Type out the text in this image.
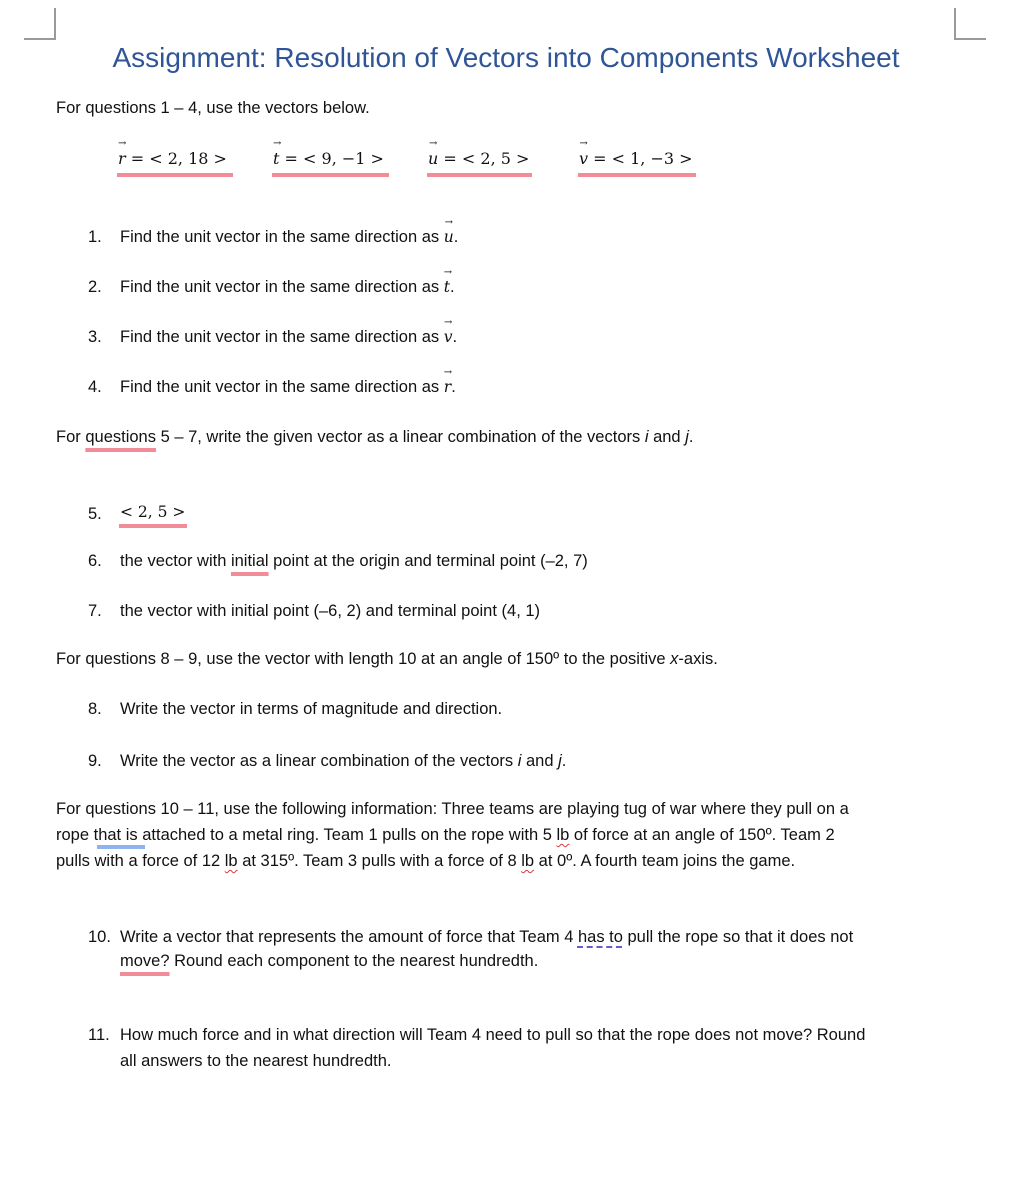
Assignment: Resolution of Vectors into Components Worksheet
For questions 1 – 4, use the vectors below.
→ r = < 2, 18 >	→ t = < 9, −1 >	→ u = < 2, 5 >	→ v = < 1, −3 >
1. Find the unit vector in the same direction as → u.
2. Find the unit vector in the same direction as → t.
3. Find the unit vector in the same direction as → v.
4. Find the unit vector in the same direction as → r.
For questions 5 – 7, write the given vector as a linear combination of the vectors i and j.
5. < 2, 5 >
6. the vector with initial point at the origin and terminal point (–2, 7)
7. the vector with initial point (–6, 2) and terminal point (4, 1)
For questions 8 – 9, use the vector with length 10 at an angle of 150º to the positive x-axis.
8. Write the vector in terms of magnitude and direction.
9. Write the vector as a linear combination of the vectors i and j.
For questions 10 – 11, use the following information: Three teams are playing tug of war where they pull on a
rope that is attached to a metal ring. Team 1 pulls on the rope with 5 lb of force at an angle of 150º. Team 2
pulls with a force of 12 lb at 315º. Team 3 pulls with a force of 8 lb at 0º. A fourth team joins the game.
10. Write a vector that represents the amount of force that Team 4 has to pull the rope so that it does not
move? Round each component to the nearest hundredth.
11. How much force and in what direction will Team 4 need to pull so that the rope does not move? Round
all answers to the nearest hundredth.
